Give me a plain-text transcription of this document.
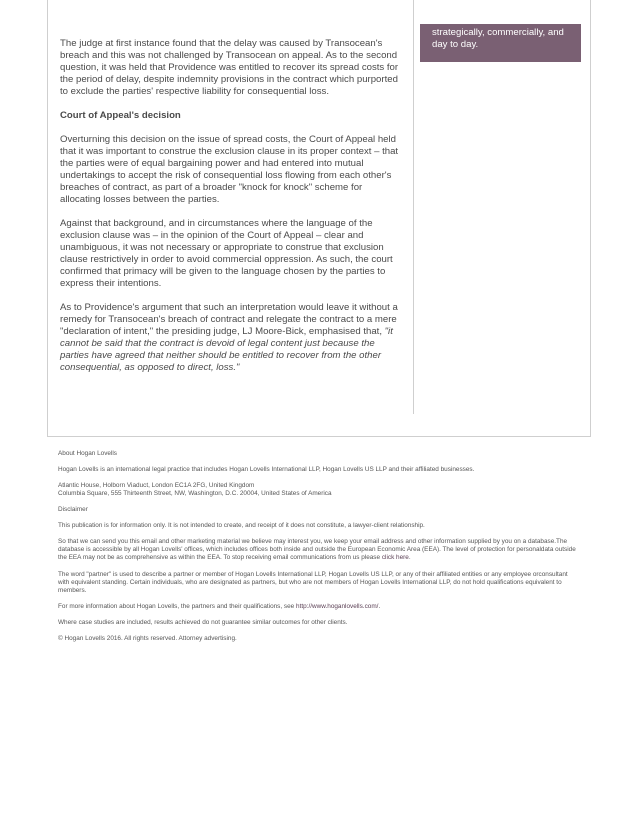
strategically, commercially, and day to day.

The judge at first instance found that the delay was caused by Transocean's breach and this was not challenged by Transocean on appeal. As to the second question, it was held that Providence was entitled to recover its spread costs for the period of delay, despite indemnity provisions in the contract which purported to exclude the parties' respective liability for consequential loss.

Court of Appeal's decision

Overturning this decision on the issue of spread costs, the Court of Appeal held that it was important to construe the exclusion clause in its proper context – that the parties were of equal bargaining power and had entered into mutual undertakings to accept the risk of consequential loss flowing from each other's breaches of contract, as part of a broader "knock for knock" scheme for allocating losses between the parties.

Against that background, and in circumstances where the language of the exclusion clause was – in the opinion of the Court of Appeal – clear and unambiguous, it was not necessary or appropriate to construe that exclusion clause restrictively in order to avoid commercial oppression. As such, the court confirmed that primacy will be given to the language chosen by the parties to express their intentions.

As to Providence's argument that such an interpretation would leave it without a remedy for Transocean's breach of contract and relegate the contract to a mere "declaration of intent," the presiding judge, LJ Moore-Bick, emphasised that, "it cannot be said that the contract is devoid of legal content just because the parties have agreed that neither should be entitled to recover from the other consequential, as opposed to direct, loss."

About Hogan Lovells

Hogan Lovells is an international legal practice that includes Hogan Lovells International LLP, Hogan Lovells US LLP and their affiliated businesses.

Atlantic House, Holborn Viaduct, London EC1A 2FG, United Kingdom
Columbia Square, 555 Thirteenth Street, NW, Washington, D.C. 20004, United States of America

Disclaimer

This publication is for information only. It is not intended to create, and receipt of it does not constitute, a lawyer-client relationship.

So that we can send you this email and other marketing material we believe may interest you, we keep your email address and other information supplied by you on a database.The database is accessible by all Hogan Lovells' offices, which includes offices both inside and outside the European Economic Area (EEA). The level of protection for personaldata outside the EEA may not be as comprehensive as within the EEA. To stop receiving email communications from us please click here.

The word "partner" is used to describe a partner or member of Hogan Lovells International LLP, Hogan Lovells US LLP, or any of their affiliated entities or any employee orconsultant with equivalent standing. Certain individuals, who are designated as partners, but who are not members of Hogan Lovells International LLP, do not hold qualifications equivalent to members.

For more information about Hogan Lovells, the partners and their qualifications, see http://www.hoganlovells.com/.

Where case studies are included, results achieved do not guarantee similar outcomes for other clients.

© Hogan Lovells 2016. All rights reserved. Attorney advertising.
